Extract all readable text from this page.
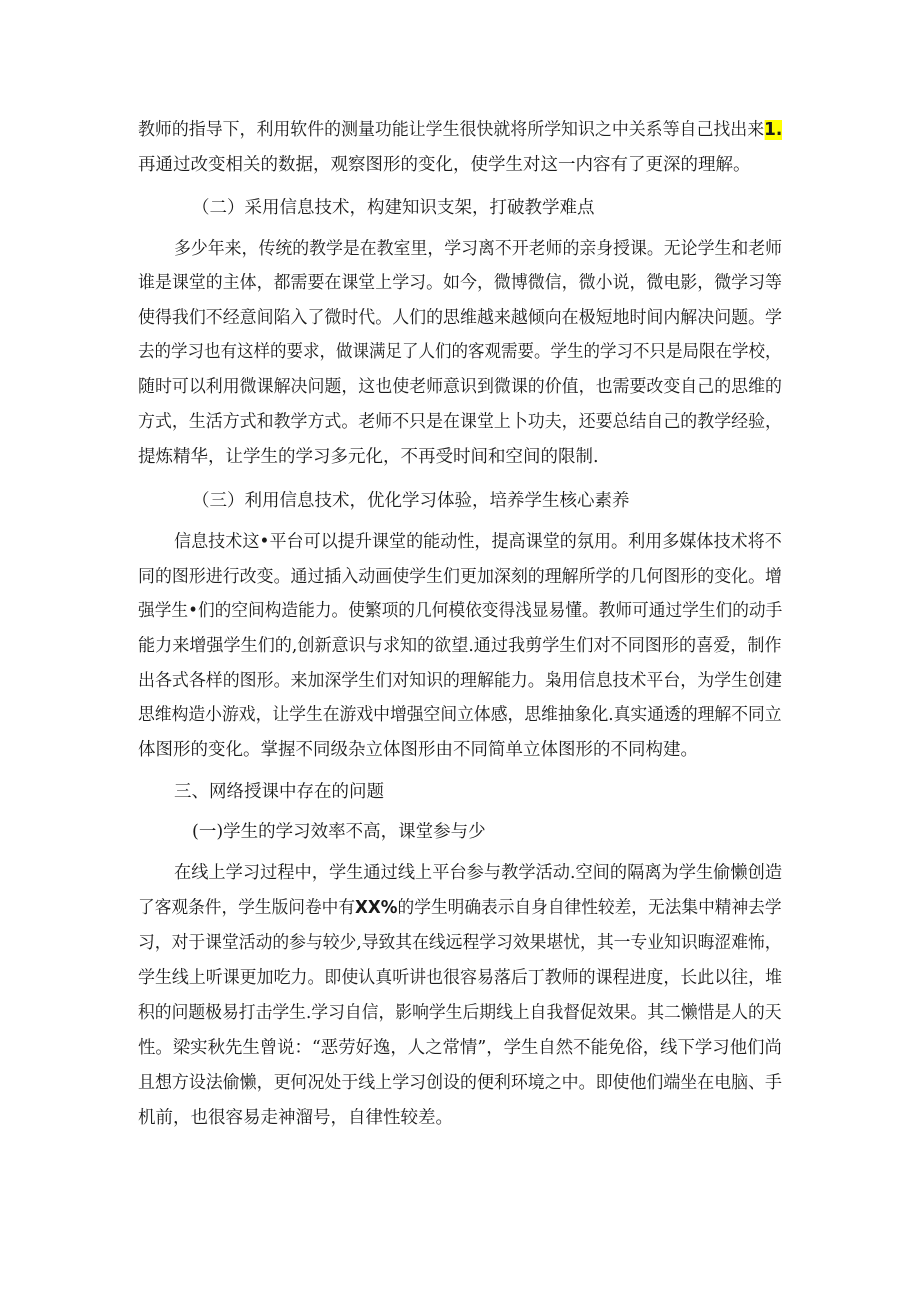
教师的指导下，利用软件的测量功能让学生很快就将所学知识之中关系等自己找出来1.
再通过改变相关的数据，观察图形的变化，使学生对这一内容有了更深的理解。
（二）采用信息技术，构建知识支架，打破教学难点
多少年来，传统的教学是在教室里，学习离不开老师的亲身授课。无论学生和老师
谁是课堂的主体，都需要在课堂上学习。如今，微博微信，微小说，微电影，微学习等
使得我们不经意间陷入了微时代。人们的思维越来越倾向在极短地时间内解决问题。学
去的学习也有这样的要求，做课满足了人们的客观需要。学生的学习不只是局限在学校，
随时可以利用微课解决问题，这也使老师意识到微课的价值，也需要改变自己的思维的
方式，生活方式和教学方式。老师不只是在课堂上卜功夫，还要总结自己的教学经验，
提炼精华，让学生的学习多元化，不再受时间和空间的限制.
（三）利用信息技术，优化学习体验，培养学生核心素养
信息技术这•平台可以提升课堂的能动性，提高课堂的氛用。利用多媒体技术将不
同的图形进行改变。通过插入动画使学生们更加深刻的理解所学的几何图形的变化。增
强学生•们的空间构造能力。使繁项的几何模依变得浅显易懂。教师可通过学生们的动手
能力来增强学生们的,创新意识与求知的欲望.通过我剪学生们对不同图形的喜爱，制作
出各式各样的图形。来加深学生们对知识的理解能力。枭用信息技术平台，为学生创建
思维构造小游戏，让学生在游戏中增强空间立体感，思维抽象化.真实通透的理解不同立
体图形的变化。掌握不同级杂立体图形由不同简单立体图形的不同构建。
三、网络授课中存在的问题
(一)学生的学习效率不高，课堂参与少
在线上学习过程中，学生通过线上平台参与教学活动.空间的隔离为学生偷懒创造
了客观条件，学生版问卷中有XX%的学生明确表示自身自律性较差，无法集中精神去学
习，对于课堂活动的参与较少,导致其在线远程学习效果堪忧，其一专业知识晦涩难怖，
学生线上听课更加吃力。即使认真听讲也很容易落后丁教师的课程进度，长此以往，堆
积的问题极易打击学生.学习自信，影响学生后期线上自我督促效果。其二懒惜是人的天
性。梁实秋先生曾说：“恶劳好逸，人之常情”，学生自然不能免俗，线下学习他们尚
且想方设法偷懒，更何况处于线上学习创设的便利环境之中。即使他们端坐在电脑、手
机前，也很容易走神溜号，自律性较差。
